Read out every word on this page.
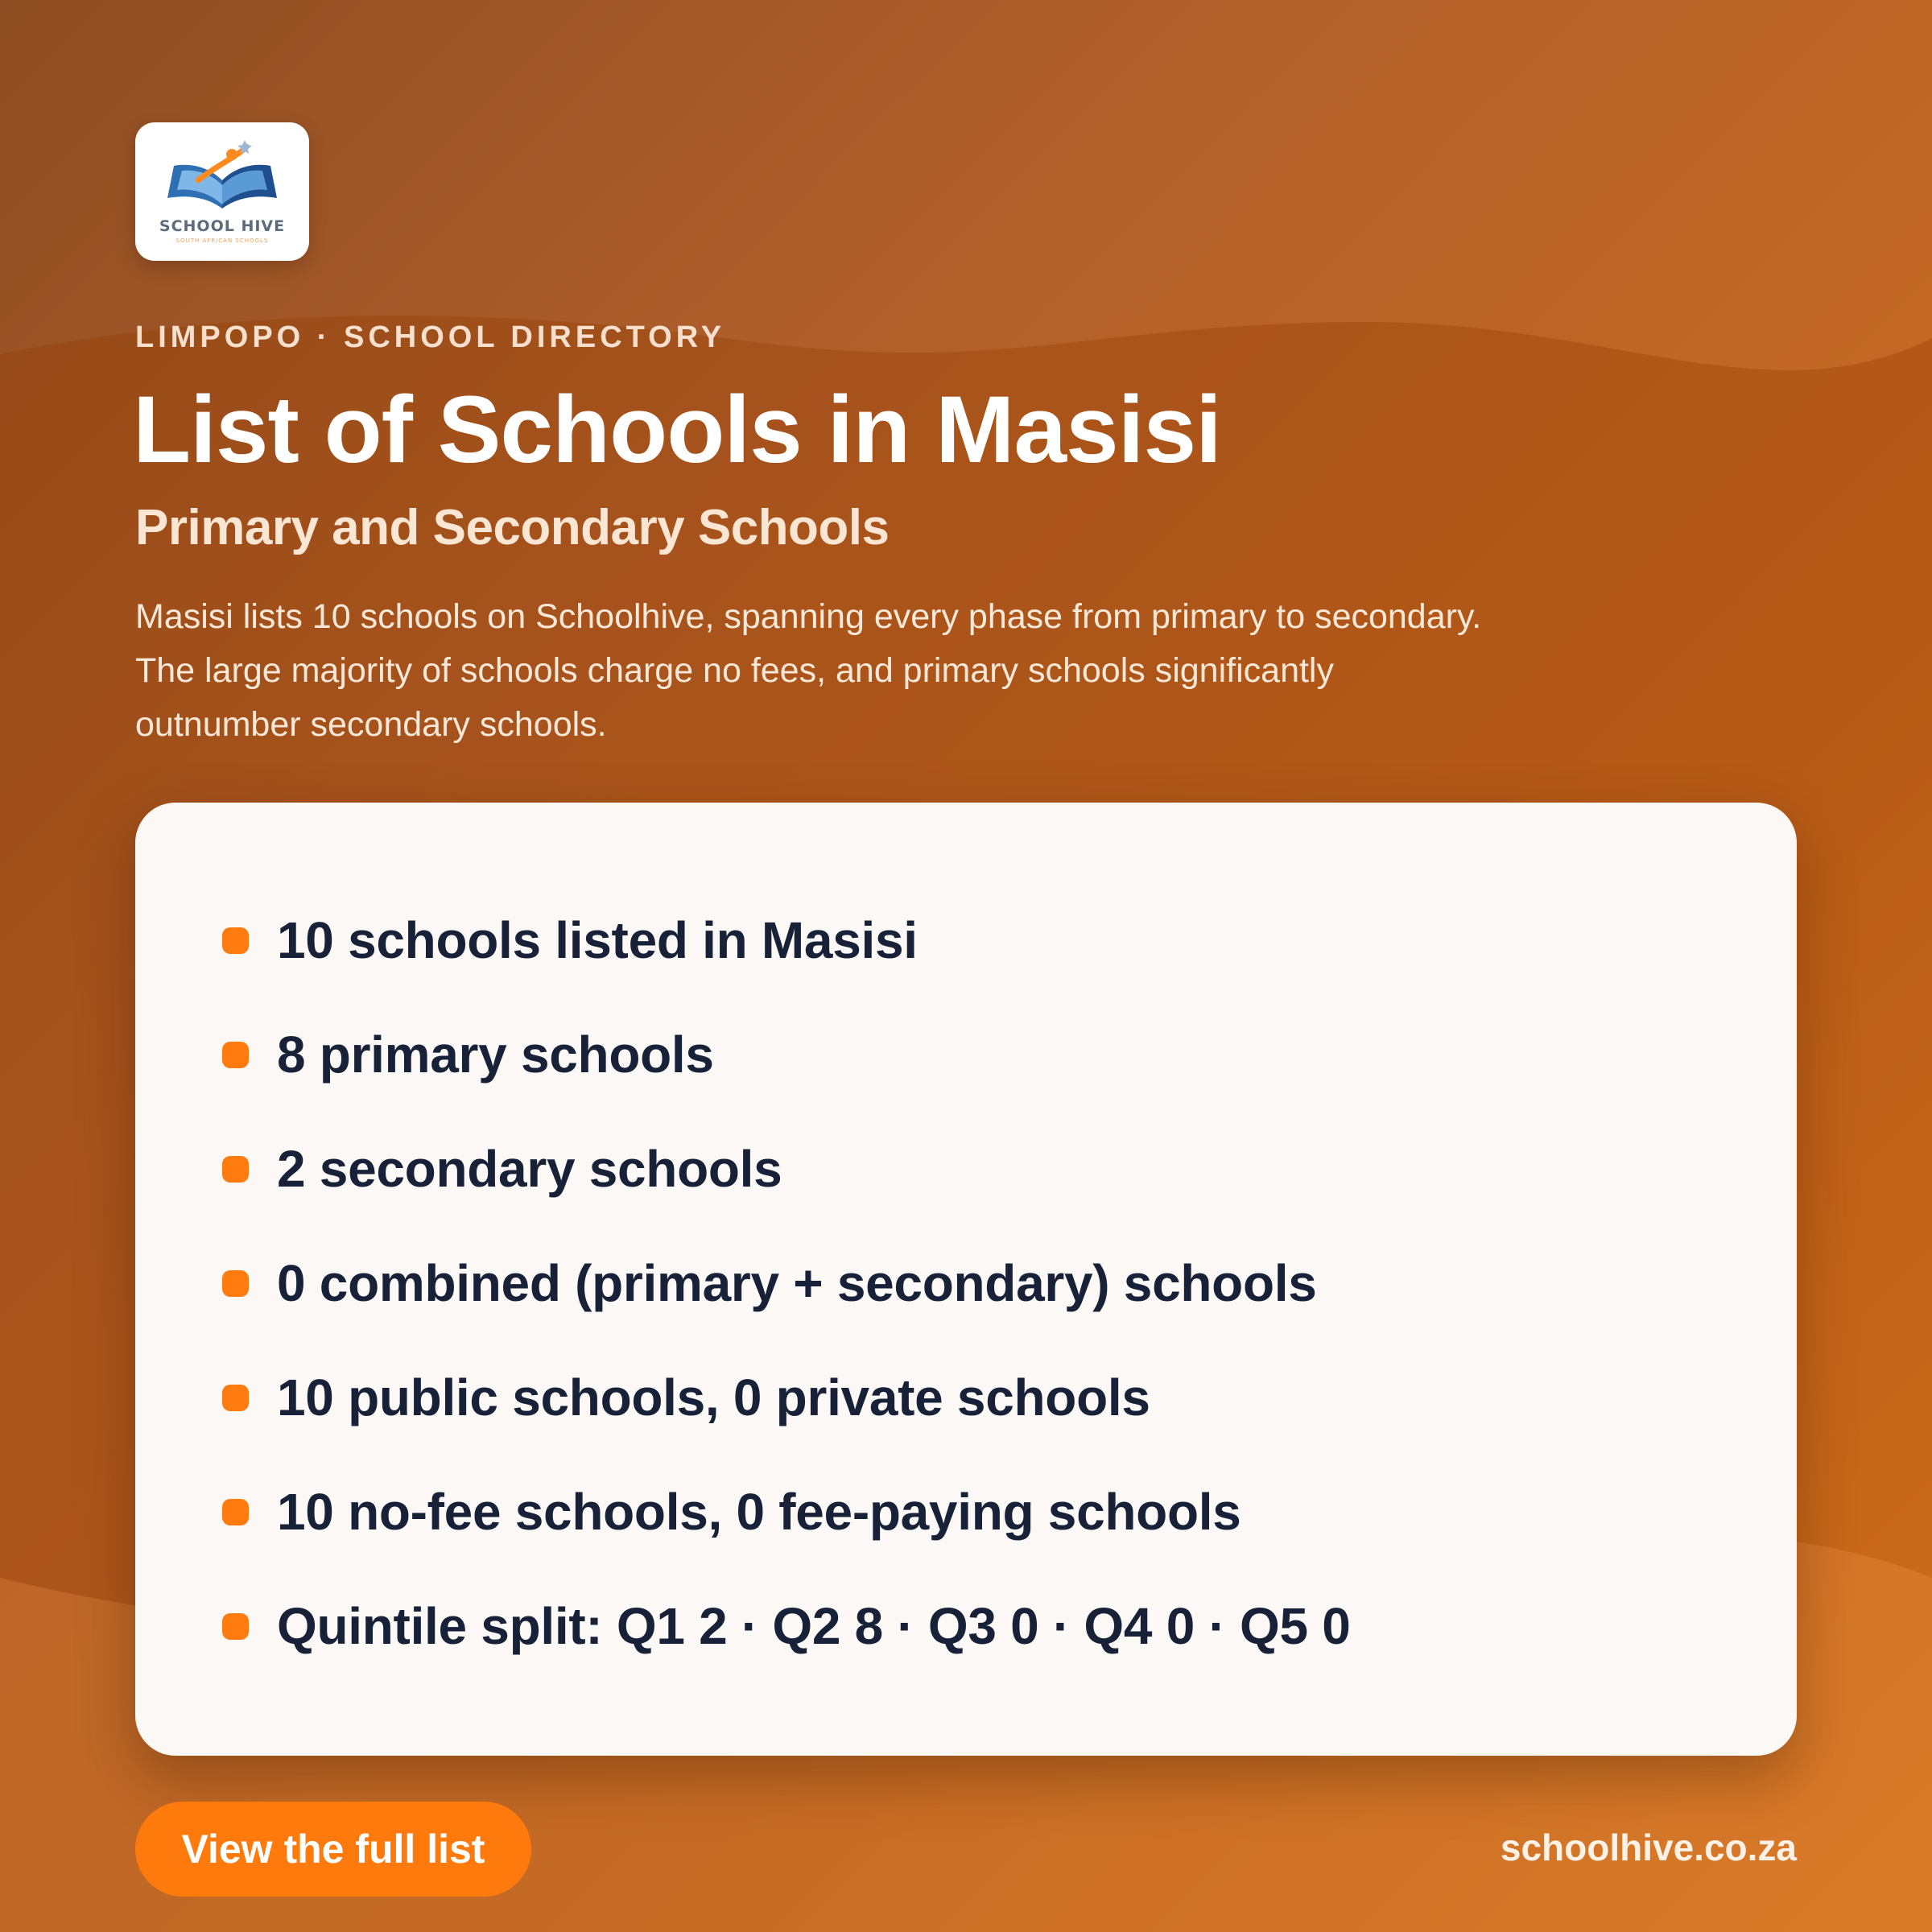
SCHOOL HIVE
SOUTH AFRICAN SCHOOLS
LIMPOPO · SCHOOL DIRECTORY
List of Schools in Masisi
Primary and Secondary Schools
Masisi lists 10 schools on Schoolhive, spanning every phase from primary to secondary. The large majority of schools charge no fees, and primary schools significantly outnumber secondary schools.
10 schools listed in Masisi
8 primary schools
2 secondary schools
0 combined (primary + secondary) schools
10 public schools, 0 private schools
10 no-fee schools, 0 fee-paying schools
Quintile split: Q1 2 · Q2 8 · Q3 0 · Q4 0 · Q5 0
View the full list	schoolhive.co.za
